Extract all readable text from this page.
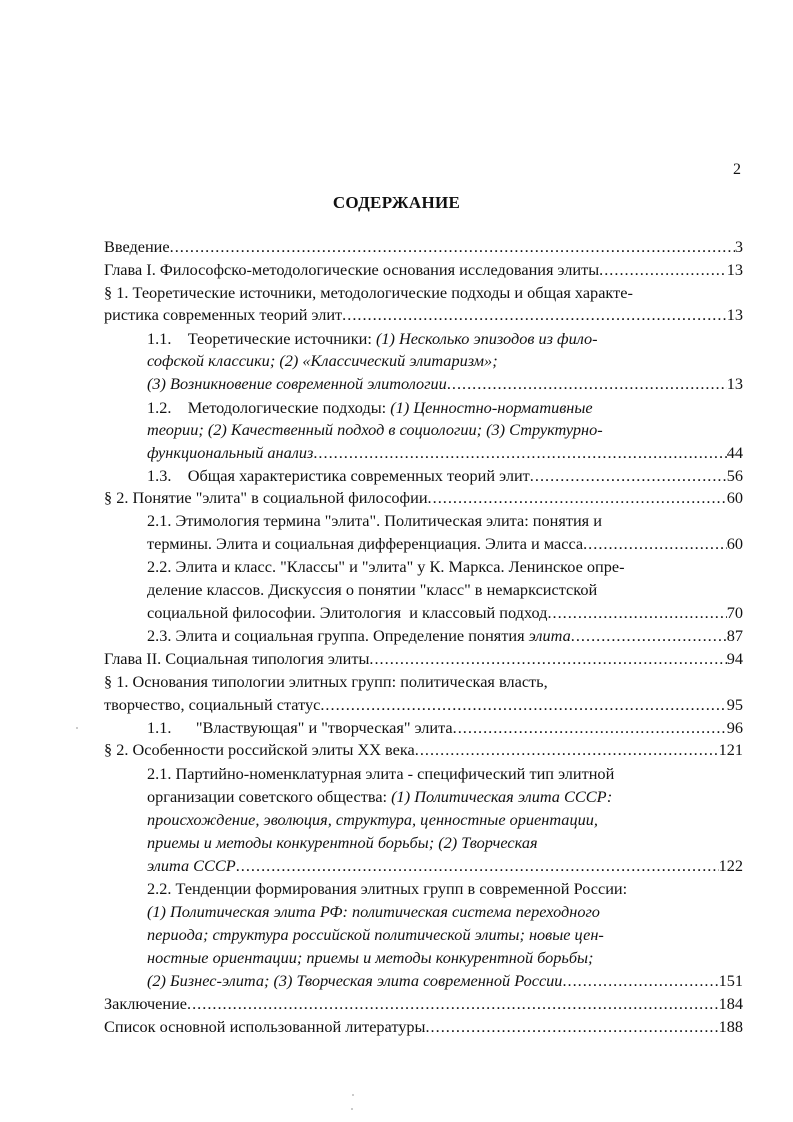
2
СОДЕРЖАНИЕ
Введение .....	3
Глава I. Философско-методологические основания исследования элиты .....	13
§ 1. Теоретические источники, методологические подходы и общая характе-
ристика современных теорий элит .....	13
1.1.    Теоретические источники: (1) Несколько эпизодов из фило-
софской классики; (2) «Классический элитаризм»;
(3) Возникновение современной элитологии .....	13
1.2.    Методологические подходы: (1) Ценностно-нормативные
теории; (2) Качественный подход в социологии; (3) Структурно-
функциональный анализ .....	44
1.3.    Общая характеристика современных теорий элит .....	56
§ 2. Понятие "элита" в социальной философии .....	60
2.1. Этимология термина "элита". Политическая элита: понятия и
термины. Элита и социальная дифференциация. Элита и масса .....	60
2.2. Элита и класс. "Классы" и "элита" у К. Маркса. Ленинское опре-
деление классов. Дискуссия о понятии "класс" в немарксистской
социальной философии. Элитология  и классовый подход .....	70
2.3. Элита и социальная группа. Определение понятия элита .....	87
Глава II. Социальная типология элиты .....	94
§ 1. Основания типологии элитных групп: политическая власть,
творчество, социальный статус .....	95
1.1.      "Властвующая" и "творческая" элита .....	96
§ 2. Особенности российской элиты XX века .....	121
2.1. Партийно-номенклатурная элита - специфический тип элитной
организации советского общества: (1) Политическая элита СССР:
происхождение, эволюция, структура, ценностные ориентации,
приемы и методы конкурентной борьбы; (2) Творческая
элита СССР .....	122
2.2. Тенденции формирования элитных групп в современной России:
(1) Политическая элита РФ: политическая система переходного
периода; структура российской политической элиты; новые цен-
ностные ориентации; приемы и методы конкурентной борьбы;
(2) Бизнес-элита; (3) Творческая элита современной России .....	151
Заключение .....	184
Список основной использованной литературы .....	188
